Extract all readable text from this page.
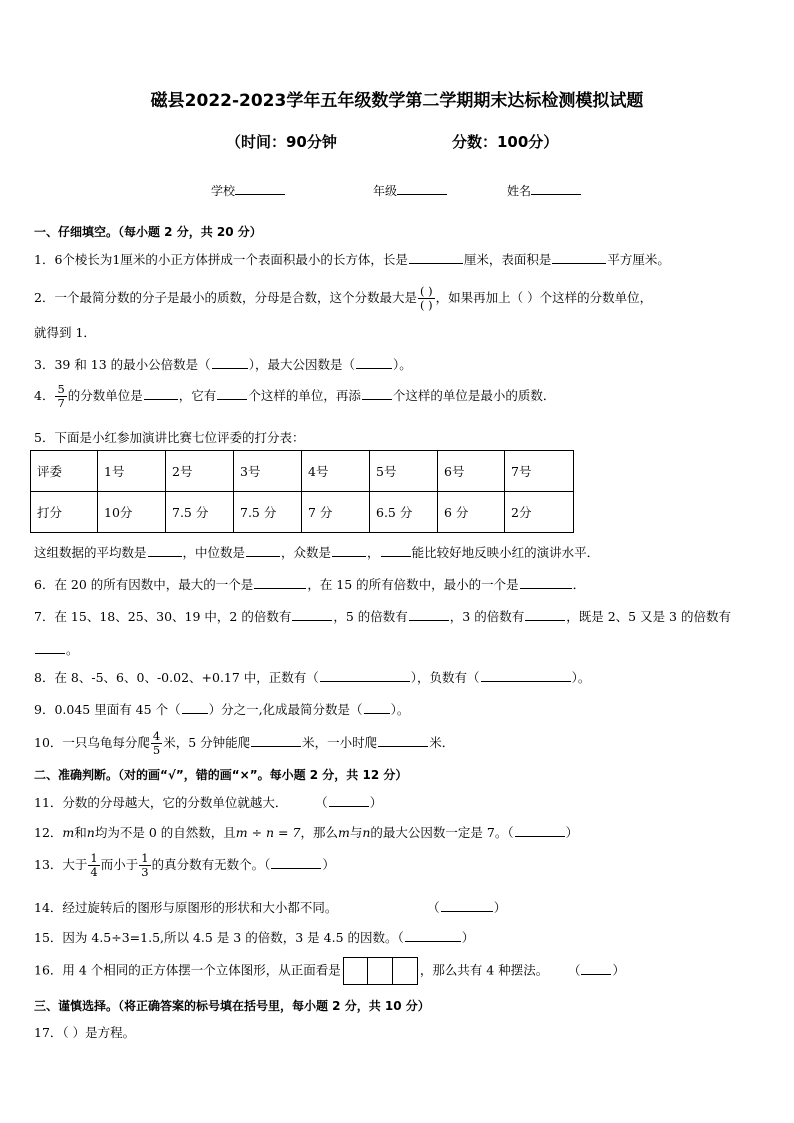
磁县2022-2023学年五年级数学第二学期期末达标检测模拟试题
（时间：90分钟	分数：100分）
学校	年级	姓名
一、仔细填空。（每小题 2 分，共 20 分）
1．6个棱长为1厘米的小正方体拼成一个表面积最小的长方体，长是	厘米，表面积是	平方厘米。
2．一个最简分数的分子是最小的质数，分母是合数，这个分数最大是 $\frac{( )}{( )}$ ，如果再加上（ ）个这样的分数单位，
就得到 1．
3．39 和 13 的最小公倍数是（	），最大公因数是（	）。
4． $\frac{5}{7}$ 的分数单位是	，它有	个这样的单位，再添	个这样的单位是最小的质数．
5．下面是小红参加演讲比赛七位评委的打分表：
评委	1号	2号	3号	4号	5号	6号	7号
打分	10分	7.5 分	7.5 分	7 分	6.5 分	6 分	2分
这组数据的平均数是	，中位数是	，众数是	，	能比较好地反映小红的演讲水平．
6．在 20 的所有因数中，最大的一个是	，在 15 的所有倍数中，最小的一个是	．
7．在 15、18、25、30、19 中，2 的倍数有	，5 的倍数有	，3 的倍数有	，既是 2、5 又是 3 的倍数有
。
8．在 8、-5、6、0、-0.02、+0.17 中，正数有（	），负数有（	）。
9．0.045 里面有 45 个（ ）分之一,化成最简分数是（ ）。
10．一只乌龟每分爬 $\frac{4}{5}$ 米，5 分钟能爬	米，一小时爬	米．
二、准确判断。（对的画“√”，错的画“×”。每小题 2 分，共 12 分）
11．分数的分母越大，它的分数单位就越大．	（	）
12．m和n均为不是 0 的自然数，且m ÷ n = 7，那么m与n的最大公因数一定是 7。（	）
13．大于 $\frac{1}{4}$ 而小于 $\frac{1}{3}$ 的真分数有无数个。（	）
14．经过旋转后的图形与原图形的形状和大小都不同。	（	）
15．因为 4.5÷3=1.5,所以 4.5 是 3 的倍数，3 是 4.5 的因数。（	）
16．用 4 个相同的正方体摆一个立体图形，从正面看是	，那么共有 4 种摆法。 （	）
三、谨慎选择。（将正确答案的标号填在括号里，每小题 2 分，共 10 分）
17．（ ）是方程。
